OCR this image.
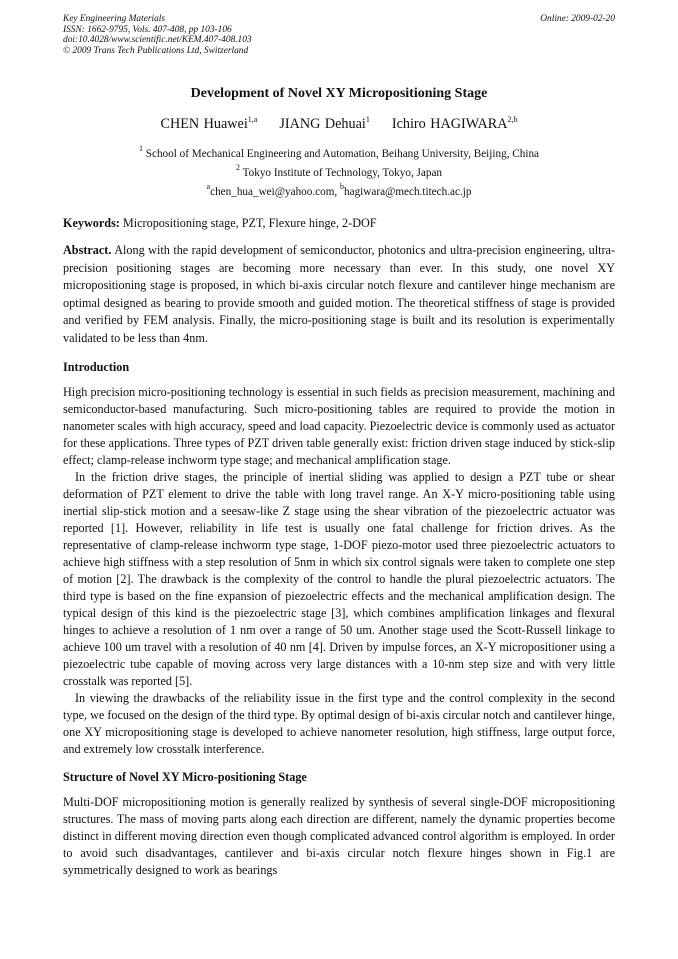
Key Engineering Materials	Online: 2009-02-20
ISSN: 1662-9795, Vols. 407-408, pp 103-106
doi:10.4028/www.scientific.net/KEM.407-408.103
© 2009 Trans Tech Publications Ltd, Switzerland
Development of Novel XY Micropositioning Stage
CHEN Huawei$^{1,a}$ JIANG Dehuai$^1$ Ichiro HAGIWARA$^{2,b}$
$^1$ School of Mechanical Engineering and Automation, Beihang University, Beijing, China
$^2$ Tokyo Institute of Technology, Tokyo, Japan
$^a$chen_hua_wei@yahoo.com, $^b$hagiwara@mech.titech.ac.jp
Keywords: Micropositioning stage, PZT, Flexure hinge, 2-DOF
Abstract. Along with the rapid development of semiconductor, photonics and ultra-precision engineering, ultra-precision positioning stages are becoming more necessary than ever. In this study, one novel XY micropositioning stage is proposed, in which bi-axis circular notch flexure and cantilever hinge mechanism are optimal designed as bearing to provide smooth and guided motion. The theoretical stiffness of stage is provided and verified by FEM analysis. Finally, the micro-positioning stage is built and its resolution is experimentally validated to be less than 4nm.
Introduction

High precision micro-positioning technology is essential in such fields as precision measurement, machining and semiconductor-based manufacturing. Such micro-positioning tables are required to provide the motion in nanometer scales with high accuracy, speed and load capacity. Piezoelectric device is commonly used as actuator for these applications. Three types of PZT driven table generally exist: friction driven stage induced by stick-slip effect; clamp-release inchworm type stage; and mechanical amplification stage.

In the friction drive stages, the principle of inertial sliding was applied to design a PZT tube or shear deformation of PZT element to drive the table with long travel range. An X-Y micro-positioning table using inertial slip-stick motion and a seesaw-like Z stage using the shear vibration of the piezoelectric actuator was reported [1]. However, reliability in life test is usually one fatal challenge for friction drives. As the representative of clamp-release inchworm type stage, 1-DOF piezo-motor used three piezoelectric actuators to achieve high stiffness with a step resolution of 5nm in which six control signals were taken to complete one step of motion [2]. The drawback is the complexity of the control to handle the plural piezoelectric actuators. The third type is based on the fine expansion of piezoelectric effects and the mechanical amplification design. The typical design of this kind is the piezoelectric stage [3], which combines amplification linkages and flexural hinges to achieve a resolution of 1 nm over a range of 50 um. Another stage used the Scott-Russell linkage to achieve 100 um travel with a resolution of 40 nm [4]. Driven by impulse forces, an X-Y micropositioner using a piezoelectric tube capable of moving across very large distances with a 10-nm step size and with very little crosstalk was reported [5].

In viewing the drawbacks of the reliability issue in the first type and the control complexity in the second type, we focused on the design of the third type. By optimal design of bi-axis circular notch and cantilever hinge, one XY micropositioning stage is developed to achieve nanometer resolution, high stiffness, large output force, and extremely low crosstalk interference.

Structure of Novel XY Micro-positioning Stage

Multi-DOF micropositioning motion is generally realized by synthesis of several single-DOF micropositioning structures. The mass of moving parts along each direction are different, namely the dynamic properties become distinct in different moving direction even though complicated advanced control algorithm is employed. In order to avoid such disadvantages, cantilever and bi-axis circular notch flexure hinges shown in Fig.1 are symmetrically designed to work as bearings
